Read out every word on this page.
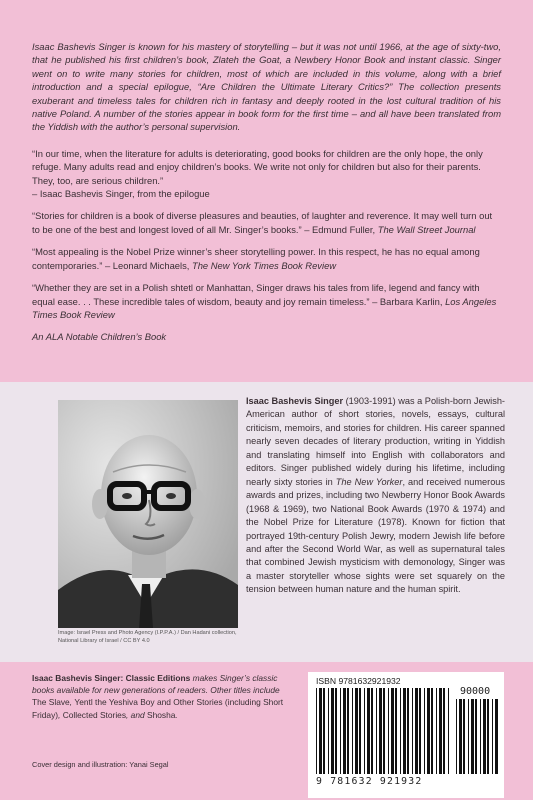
Isaac Bashevis Singer is known for his mastery of storytelling – but it was not until 1966, at the age of sixty-two, that he published his first children’s book, Zlateh the Goat, a Newbery Honor Book and instant classic. Singer went on to write many stories for children, most of which are included in this volume, along with a brief introduction and a special epilogue, “Are Children the Ultimate Literary Critics?” The collection presents exuberant and timeless tales for children rich in fantasy and deeply rooted in the lost cultural tradition of his native Poland. A number of the stories appear in book form for the first time – and all have been translated from the Yiddish with the author’s personal supervision.

“In our time, when the literature for adults is deteriorating, good books for children are the only hope, the only refuge. Many adults read and enjoy children’s books. We write not only for children but also for their parents. They, too, are serious children.”
– Isaac Bashevis Singer, from the epilogue

“Stories for children is a book of diverse pleasures and beauties, of laughter and reverence. It may well turn out to be one of the best and longest loved of all Mr. Singer’s books.” – Edmund Fuller, The Wall Street Journal

“Most appealing is the Nobel Prize winner’s sheer storytelling power. In this respect, he has no equal among contemporaries.” – Leonard Michaels, The New York Times Book Review

“Whether they are set in a Polish shtetl or Manhattan, Singer draws his tales from life, legend and fancy with equal ease. . . These incredible tales of wisdom, beauty and joy remain timeless.” – Barbara Karlin, Los Angeles Times Book Review

An ALA Notable Children’s Book

Image: Israel Press and Photo Agency (I.P.P.A.) / Dan Hadani collection, National Library of Israel / CC BY 4.0

Isaac Bashevis Singer (1903-1991) was a Polish-born Jewish-American author of short stories, novels, essays, cultural criticism, memoirs, and stories for children. His career spanned nearly seven decades of literary production, writing in Yiddish and translating himself into English with collaborators and editors. Singer published widely during his lifetime, including nearly sixty stories in The New Yorker, and received numerous awards and prizes, including two Newberry Honor Book Awards (1968 & 1969), two National Book Awards (1970 & 1974) and the Nobel Prize for Literature (1978). Known for fiction that portrayed 19th-century Polish Jewry, modern Jewish life before and after the Second World War, as well as supernatural tales that combined Jewish mysticism with demonology, Singer was a master storyteller whose sights were set squarely on the tension between human nature and the human spirit.

Isaac Bashevis Singer: Classic Editions makes Singer’s classic books available for new generations of readers. Other titles include The Slave, Yentl the Yeshiva Boy and Other Stories (including Short Friday), Collected Stories, and Shosha.

Cover design and illustration: Yanai Segal

ISBN 9781632921932
90000
9 781632 921932
